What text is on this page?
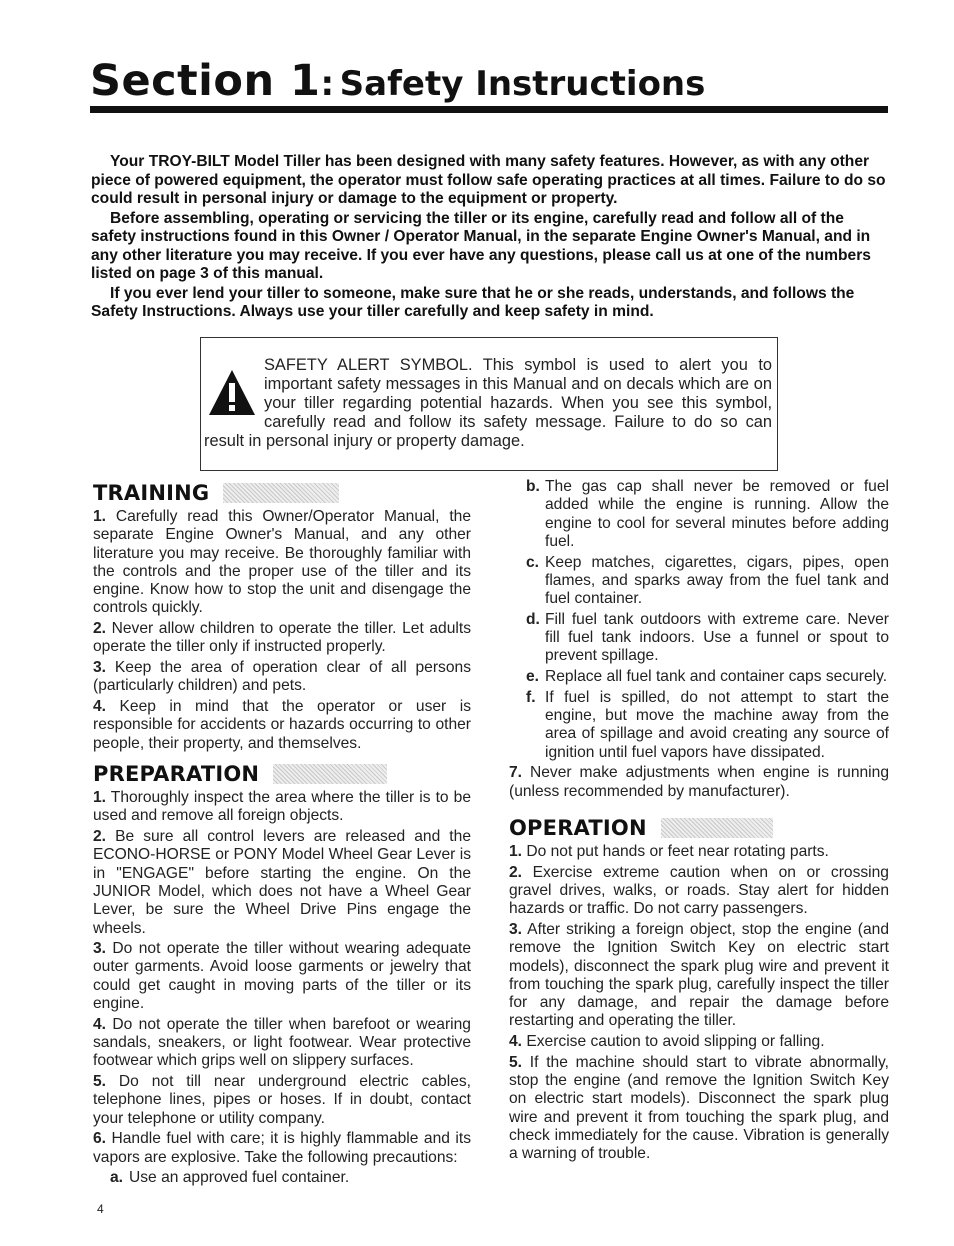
Section 1: Safety Instructions

Your TROY-BILT Model Tiller has been designed with many safety features. However, as with any other piece of powered equipment, the operator must follow safe operating practices at all times. Failure to do so could result in personal injury or damage to the equipment or property.

Before assembling, operating or servicing the tiller or its engine, carefully read and follow all of the safety instructions found in this Owner / Operator Manual, in the separate Engine Owner's Manual, and in any other literature you may receive. If you ever have any questions, please call us at one of the numbers listed on page 3 of this manual.

If you ever lend your tiller to someone, make sure that he or she reads, understands, and follows the Safety Instructions. Always use your tiller carefully and keep safety in mind.

SAFETY ALERT SYMBOL. This symbol is used to alert you to important safety messages in this Manual and on decals which are on your tiller regarding potential hazards. When you see this symbol, carefully read and follow its safety message. Failure to do so can result in personal injury or property damage.
TRAINING

1. Carefully read this Owner/Operator Manual, the separate Engine Owner's Manual, and any other literature you may receive. Be thoroughly familiar with the controls and the proper use of the tiller and its engine. Know how to stop the unit and disengage the controls quickly.

2. Never allow children to operate the tiller. Let adults operate the tiller only if instructed properly.

3. Keep the area of operation clear of all persons (particularly children) and pets.

4. Keep in mind that the operator or user is responsible for accidents or hazards occurring to other people, their property, and themselves.

PREPARATION

1. Thoroughly inspect the area where the tiller is to be used and remove all foreign objects.

2. Be sure all control levers are released and the ECONO-HORSE or PONY Model Wheel Gear Lever is in "ENGAGE" before starting the engine. On the JUNIOR Model, which does not have a Wheel Gear Lever, be sure the Wheel Drive Pins engage the wheels.

3. Do not operate the tiller without wearing adequate outer garments. Avoid loose garments or jewelry that could get caught in moving parts of the tiller or its engine.

4. Do not operate the tiller when barefoot or wearing sandals, sneakers, or light footwear. Wear protective footwear which grips well on slippery surfaces.

5. Do not till near underground electric cables, telephone lines, pipes or hoses. If in doubt, contact your telephone or utility company.

6. Handle fuel with care; it is highly flammable and its vapors are explosive. Take the following precautions:

a. Use an approved fuel container.
b. The gas cap shall never be removed or fuel added while the engine is running. Allow the engine to cool for several minutes before adding fuel.
c. Keep matches, cigarettes, cigars, pipes, open flames, and sparks away from the fuel tank and fuel container.
d. Fill fuel tank outdoors with extreme care. Never fill fuel tank indoors. Use a funnel or spout to prevent spillage.
e. Replace all fuel tank and container caps securely.
f. If fuel is spilled, do not attempt to start the engine, but move the machine away from the area of spillage and avoid creating any source of ignition until fuel vapors have dissipated.

7. Never make adjustments when engine is running (unless recommended by manufacturer).

OPERATION

1. Do not put hands or feet near rotating parts.

2. Exercise extreme caution when on or crossing gravel drives, walks, or roads. Stay alert for hidden hazards or traffic. Do not carry passengers.

3. After striking a foreign object, stop the engine (and remove the Ignition Switch Key on electric start models), disconnect the spark plug wire and prevent it from touching the spark plug, carefully inspect the tiller for any damage, and repair the damage before restarting and operating the tiller.

4. Exercise caution to avoid slipping or falling.

5. If the machine should start to vibrate abnormally, stop the engine (and remove the Ignition Switch Key on electric start models). Disconnect the spark plug wire and prevent it from touching the spark plug, and check immediately for the cause. Vibration is generally a warning of trouble.

4
